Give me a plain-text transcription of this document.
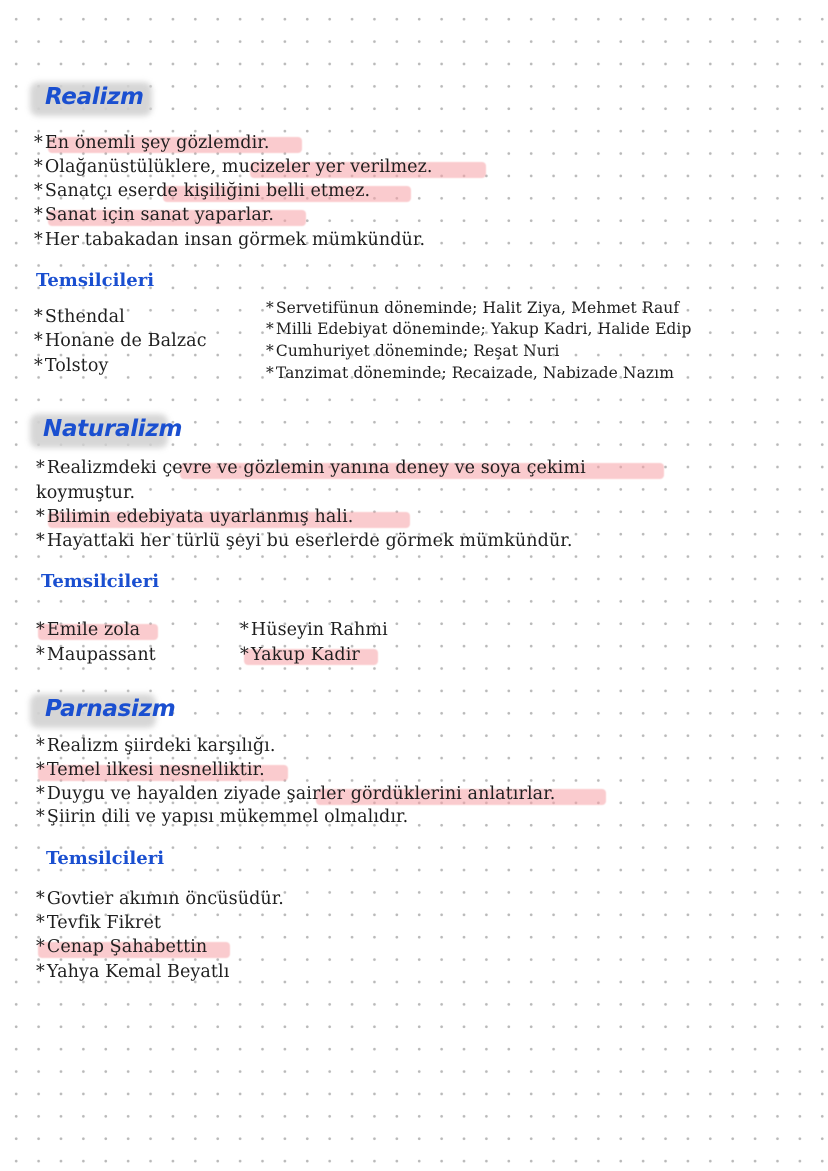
Realizm
* En önemli şey gözlemdir.
* Olağanüstülüklere, mucizeler yer verilmez.
* Sanatçı eserde kişiliğini belli etmez.
* Sanat için sanat yaparlar.
* Her tabakadan insan görmek mümkündür.
Temsilcileri
* Sthendal
* Honane de Balzac
* Tolstoy
* Servetifünun döneminde; Halit Ziya, Mehmet Rauf
* Milli Edebiyat döneminde; Yakup Kadri, Halide Edip
* Cumhuriyet döneminde; Reşat Nuri
* Tanzimat döneminde; Recaizade, Nabizade Nazım
Naturalizm
* Realizmdeki çevre ve gözlemin yanına deney ve soya çekimi
koymuştur.
* Bilimin edebiyata uyarlanmış hali.
* Hayattaki her türlü şeyi bu eserlerde görmek mümkündür.
Temsilcileri
* Emile zola
* Maupassant
* Hüseyin Rahmi
* Yakup Kadir
Parnasizm
* Realizm şiirdeki karşılığı.
* Temel ilkesi nesnelliktir.
* Duygu ve hayalden ziyade şairler gördüklerini anlatırlar.
* Şiirin dili ve yapısı mükemmel olmalıdır.
Temsilcileri
* Govtier akımın öncüsüdür.
* Tevfik Fikret
* Cenap Şahabettin
* Yahya Kemal Beyatlı
